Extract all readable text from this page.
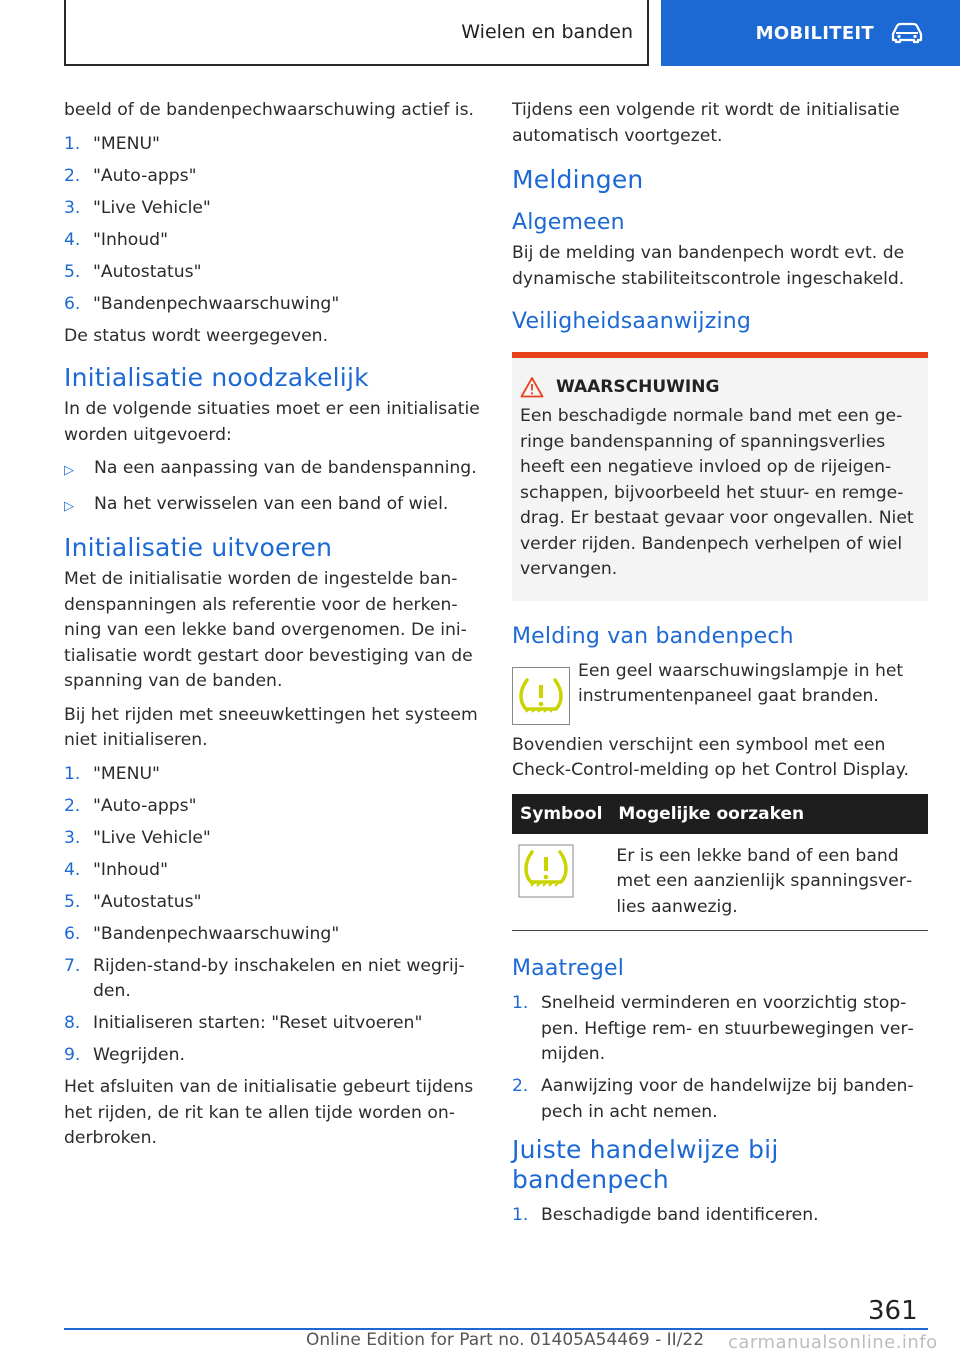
Wielen en banden	MOBILITEIT

beeld of de bandenpechwaarschuwing actief is.

1. "MENU"
2. "Auto-apps"
3. "Live Vehicle"
4. "Inhoud"
5. "Autostatus"
6. "Bandenpechwaarschuwing"

De status wordt weergegeven.

Initialisatie noodzakelijk

In de volgende situaties moet er een initialisatie worden uitgevoerd:

▷	Na een aanpassing van de bandenspanning.
▷	Na het verwisselen van een band of wiel.
Initialisatie uitvoeren

Met de initialisatie worden de ingestelde bandenspanningen als referentie voor de herkenning van een lekke band overgenomen. De initialisatie wordt gestart door bevestiging van de spanning van de banden.

Bij het rijden met sneeuwkettingen het systeem niet initialiseren.

1. "MENU"
2. "Auto-apps"
3. "Live Vehicle"
4. "Inhoud"
5. "Autostatus"
6. "Bandenpechwaarschuwing"
7. Rijden-stand-by inschakelen en niet wegrijden.
8. Initialiseren starten: "Reset uitvoeren"
9. Wegrijden.

Het afsluiten van de initialisatie gebeurt tijdens het rijden, de rit kan te allen tijde worden onderbroken.

Tijdens een volgende rit wordt de initialisatie automatisch voortgezet.

Meldingen
Algemeen

Bij de melding van bandenpech wordt evt. de dynamische stabiliteitscontrole ingeschakeld.

Veiligheidsaanwijzing
WAARSCHUWING

Een beschadigde normale band met een geringe bandenspanning of spanningsverlies heeft een negatieve invloed op de rijeigenschappen, bijvoorbeeld het stuur- en remgedrag. Er bestaat gevaar voor ongevallen. Niet verder rijden. Bandenpech verhelpen of wiel vervangen.

Melding van bandenpech

Een geel waarschuwingslampje in het instrumentenpaneel gaat branden.

Bovendien verschijnt een symbool met een Check-Control-melding op het Control Display.

Symbool	Mogelijke oorzaken
	Er is een lekke band of een band met een aanzienlijk spanningsverlies aanwezig.
Maatregel
1. Snelheid verminderen en voorzichtig stoppen. Heftige rem- en stuurbewegingen vermijden.
2. Aanwijzing voor de handelwijze bij bandenpech in acht nemen.
Juiste handelwijze bij bandenpech
1. Beschadigde band identificeren.
361
Online Edition for Part no. 01405A54469 - II/22 carmanualsonline.info
